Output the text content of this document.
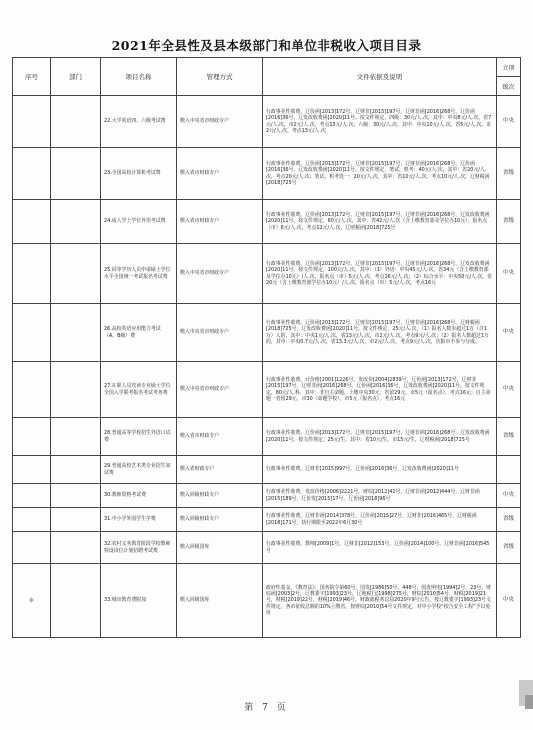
2021年全县性及县本级部门和单位非税收入项目目录
序号	部门	项目名称	管理方式	文件依据及说明	立项
					级次
		22.大学英语四、六级考试费	缴入中央省市财政专户	行政事业性收费。辽价函[2013]172号，辽财非[2015]197号，辽财非函[2016]268号，辽价函[2016]36号，辽发改收费函[2020]11号。按文件规定，四级：30元/人.次，其中：中央8元/人.次、省7元/人.次、市2元/人.次，考点13元/人.次；六级：30元/人.次，其中：中央10元/人.次、省5元/人.次、市2元/人.次、考点13元/人.次	中央
		23.全国高校计算机考试费	缴入省市财政专户	行政事业性收费。辽价函[2013]172号，辽财非[2015]197号，辽财非函[2016]268号，辽价函[2016]36号，辽发改收费函[2020]11号。按文件规定，笔试、机考：40元/人.次，其中：省20元/人.次，考点20元/人.次；笔试、机考选一：20元/人.次，其中：省10元/人.次、考点10元/人.次，辽财税函[2018]725号	省级
		24.成人学士学位外语考试费	缴入省市财政专户	行政事业性收费。辽价函[2013]172号，辽财非[2015]197号，辽财非函[2016]268号，辽发改收费函[2020]11号。按文件规定，60元/人.次，其中：省42元/人.次（含上缴教育部及学位办10元）、报名点（市）6元/人.次，考点12元/人.次，辽财税函[2018]725号	省级
		25.同等学历人员申请硕士学位水平全国统一考试报名考试费	缴入中央省市财政专户	行政事业性收费。辽价函[2013]172号，辽财非[2015]197号，辽财非函[2016]268号，辽发改收费函[2020]11号。按文件规定，100元/人.次，其中：（1）外语：中央45元/人.次，省34元（含上缴教育部及学位办10元）/人.次，报名点（市）5元/人.次，考点16元/人.次；（2）综合水平：中央50元/人.次，省20元（含上缴教育部学位办10元）/人.次，报名点（市）5元/人.次，考点16元	中央
		26.高校英语应用能力考试（A、B级）费	缴入中央省市财政专户	行政事业性收费。辽价函[2013]172号，辽财非[2015]197号，辽财非函[2016]268号，辽财税函[2018]725号，辽发改收费函[2020]11号。按文件规定，25元/人.次，（1）报名人数未超过1万（含1万）人的，其中：中央1元/人.次，省13元/人.次，市2元/人.次，考点9元/人.次；（2）报名人数超过1万的，其中：中央0.7元/人.次，省13.3元/人.次，市2元/人.次，考点9元/人.次，沈阳市不参与分成。	中央
		27.在职人员攻读专业硕士学位全国入学联考报名考试考务费	缴入中央省市财政专户	行政事业性收费。计价格[2001]1226号，发改价[2004]2839号，辽价函[2013]172号，辽财非[2015]197号，辽财非函[2016]268号，辽价函[2016]36号，辽发改收费函[2020]11号，按文件规定，80元/人.科，其中：非自主命题，上缴中央30元，省留29元，市5元（报名点），考点16元；自主命题一省留29元，市30（命题学校），市5元（报名点），考点16元	中央
		28.普通高等学校招生外语口试费	缴入省市财政专户	行政事业性收费。辽价函[2013]172号，辽财非[2015]197号，辽财非函[2016]268号，辽发改收费函[2020]11号。按文件规定，25元/生，其中：省10元/生、市15元/生，辽财税函[2018]725号	省级
		29.普通高校艺术类专业招生加试费	缴入省财政专户	行政事业性收费。辽财非[2015]997号，辽价函[2016]36号，辽发改收费函[2020]11号	
		30.教师资格考试费	缴入同级财政专户	行政事业性收费，发改价格[2006]2221号，财综[2012]41号，辽财非函[2012]444号，辽财非函[2015]189号，辽价发[2015]17号，辽价函[2018]96号	中央
		31.中小学外国学生学费	缴入同级财政专户	行政事业性收费，辽财非函[2014]378号，辽价函[2015]27号，辽财非[2016]465号，辽财税函[2018]171号，执行期限至2022年6月30号	省级
		32.农村义务教育阶段学校教师特设岗位计划招聘考试费	缴入同级国库	行政事业性收费。教师[2009]1号，辽财非[2012]153号，辽价函[2014]100号，辽财非函[2016]545号	省级
＊		33.城市教育费附加	缴入同级国库	政府性基金。《教育法》，国务院令第60号，国发[1986]50号、448号，国发明电[1994]2号、23号，财综函[2003]2号，辽教委字[1993]23号，辽地税行[1998]275号，财综[2010]54号，财税[2019]21号，财税[2019]22号，财税[2019]46号，财政部税务总局2020年9号公告，按辽教委字[1993]23号文件规定，各市征收总额的10%上缴省。按财综[2010]54号文件规定，对中小学校“校合安全工程”予以免征	中央
第 7 页
